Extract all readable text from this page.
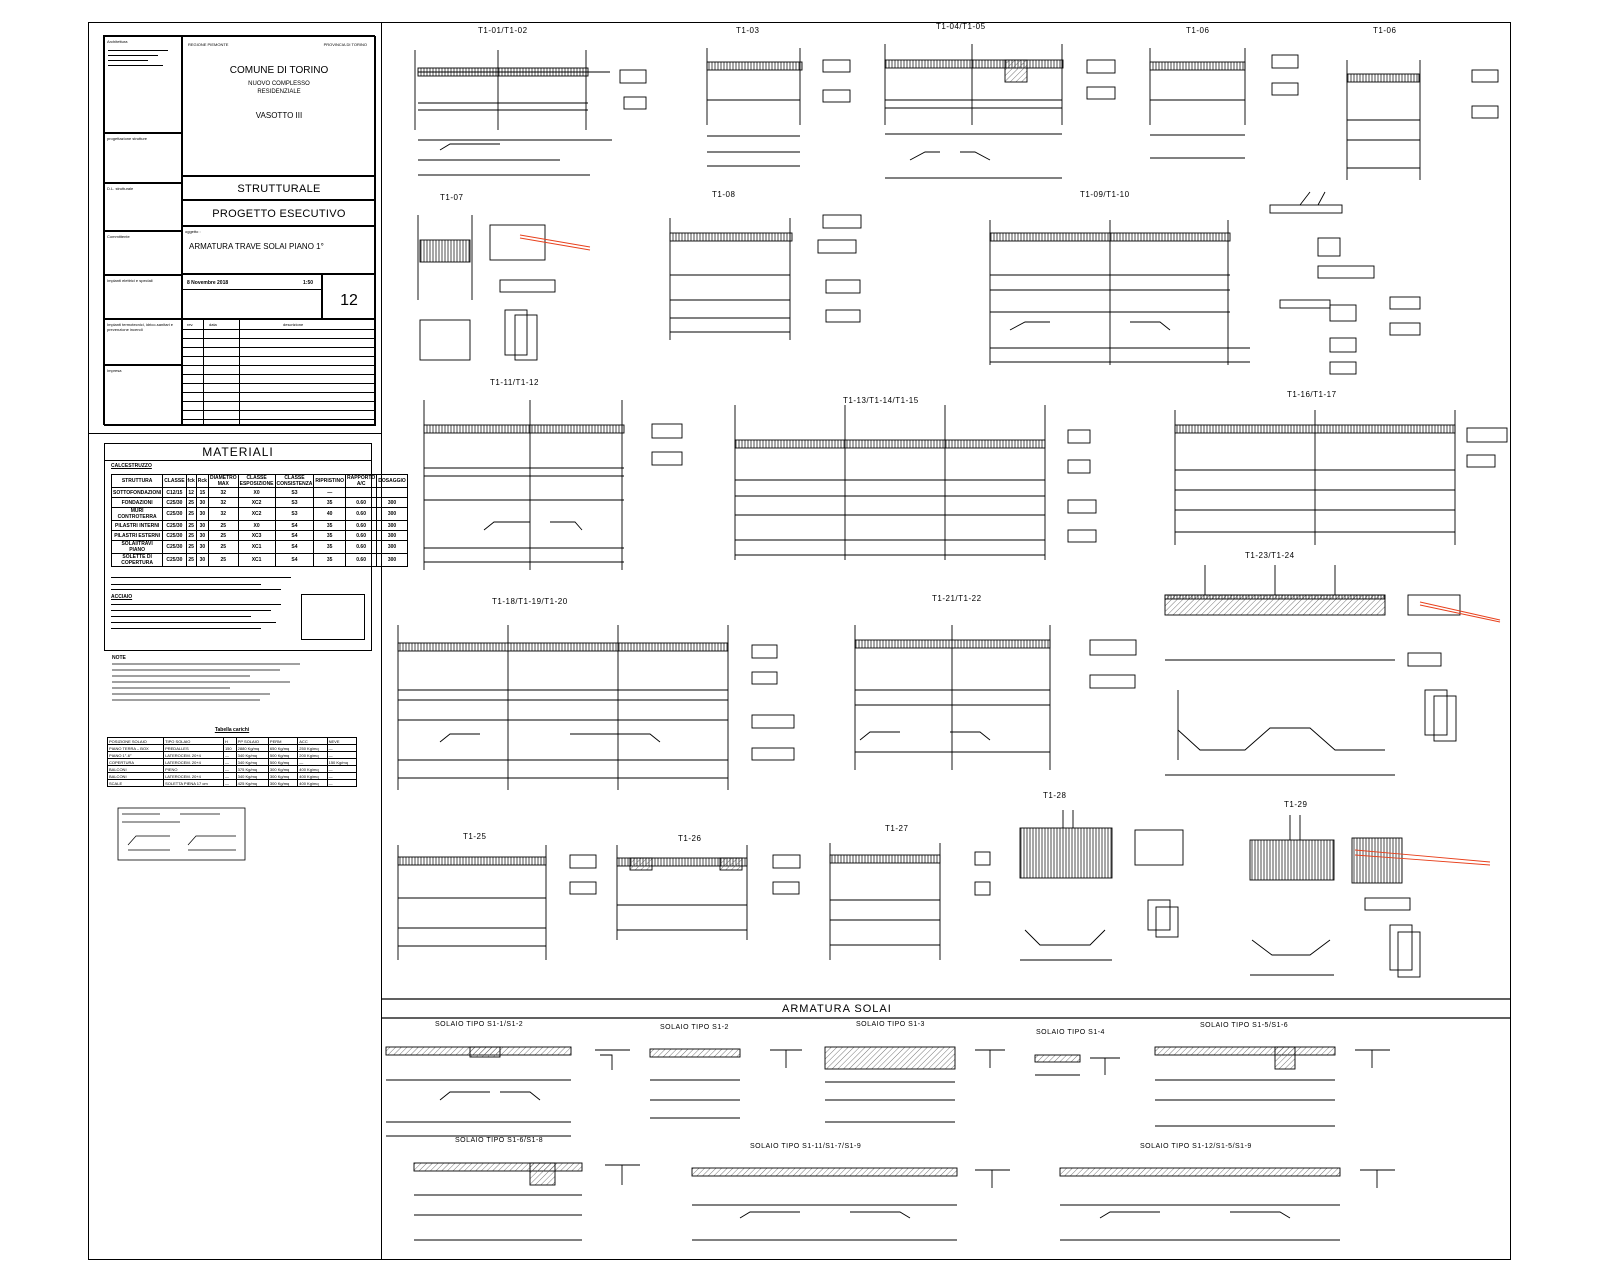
Architettura
REGIONE PIEMONTE	PROVINCIA DI TORINO
COMUNE DI TORINO
NUOVO COMPLESSO
RESIDENZIALE
VASOTTO III
progettazione strutture
D.L. strutturale
Committente
Impianti elettrici e speciali
Impianti termotecnici, idrico-sanitari e prevenzione incendi
Impresa
STRUTTURALE
PROGETTO ESECUTIVO
oggetto :
ARMATURA TRAVE SOLAI PIANO 1°
8 Novembre 2018	1:50
12
rev.	data	descrizione
MATERIALI
CALCESTRUZZO
STRUTTURA	CLASSE	fck	Rck	DIAMETRO MAX	CLASSE ESPOSIZIONE	CLASSE CONSISTENZA	RIPRISTINO	RAPPORTO A/C	DOSAGGIO
SOTTOFONDAZIONI	C12/15	12	15	32	X0	S3	—		
FONDAZIONI	C25/30	25	30	32	XC2	S3	35	0.60	300
MURI CONTROTERRA	C25/30	25	30	32	XC2	S3	40	0.60	300
PILASTRI INTERNI	C25/30	25	30	25	X0	S4	35	0.60	300
PILASTRI ESTERNI	C25/30	25	30	25	XC3	S4	35	0.60	300
SOLAI/TRAVI PIANO	C25/30	25	30	25	XC1	S4	35	0.60	300
SOLETTE DI COPERTURA	C25/30	25	30	25	XC1	S4	35	0.60	300
ACCIAIO
NOTE
Tabella carichi
POSIZIONE SOLAIO	TIPO SOLAIO	H	PP SOLAIO	PERM	ACC	NEVE
PIANO TERRA – BOX	PREDALLES	150	2880 Kg/mq	650 Kg/mq	250 Kg/mq	—
PIANO 1°-6°	LATEROCEM. 20+4	—	340 Kg/mq	500 Kg/mq	200 Kg/mq	—
COPERTURA	LATEROCEM. 20+4	—	340 Kg/mq	500 Kg/mq	—	150 Kg/mq
BALCONI	PIENO	—	375 Kg/mq	300 Kg/mq	400 Kg/mq	—
BALCONI	LATEROCEM. 20+4	—	340 Kg/mq	300 Kg/mq	400 Kg/mq	—
SCALE	SOLETTA PIENA 17 cm	—	425 Kg/mq	300 Kg/mq	400 Kg/mq	—
T1-01/T1-02	T1-03	T1-04/T1-05	T1-06	T1-06
T1-07	T1-08	T1-09/T1-10
T1-11/T1-12
T1-13/T1-14/T1-15
T1-16/T1-17
T1-23/T1-24
T1-18/T1-19/T1-20	T1-21/T1-22
T1-25	T1-26
T1-27
T1-28
T1-29
ARMATURA SOLAI
SOLAIO TIPO S1-1/S1-2	SOLAIO TIPO S1-2	SOLAIO TIPO S1-3
SOLAIO TIPO S1-4
SOLAIO TIPO S1-5/S1-6
SOLAIO TIPO S1-6/S1-8
SOLAIO TIPO S1-11/S1-7/S1-9	SOLAIO TIPO S1-12/S1-5/S1-9
